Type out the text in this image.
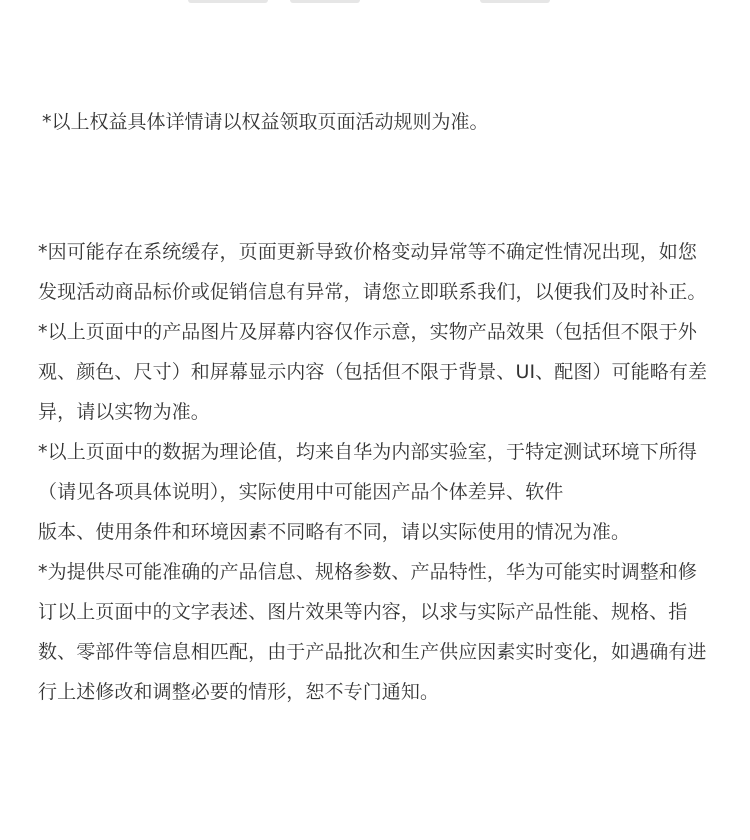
*以上权益具体详情请以权益领取页面活动规则为准。

*因可能存在系统缓存，页面更新导致价格变动异常等不确定性情况出现，如您发现活动商品标价或促销信息有异常，请您立即联系我们，以便我们及时补正。

*以上页面中的产品图片及屏幕内容仅作示意，实物产品效果（包括但不限于外观、颜色、尺寸）和屏幕显示内容（包括但不限于背景、UI、配图）可能略有差异，请以实物为准。

*以上页面中的数据为理论值，均来自华为内部实验室，于特定测试环境下所得（请见各项具体说明），实际使用中可能因产品个体差异、软件

版本、使用条件和环境因素不同略有不同，请以实际使用的情况为准。

*为提供尽可能准确的产品信息、规格参数、产品特性，华为可能实时调整和修订以上页面中的文字表述、图片效果等内容，以求与实际产品性能、规格、指数、零部件等信息相匹配，由于产品批次和生产供应因素实时变化，如遇确有进行上述修改和调整必要的情形，恕不专门通知。
